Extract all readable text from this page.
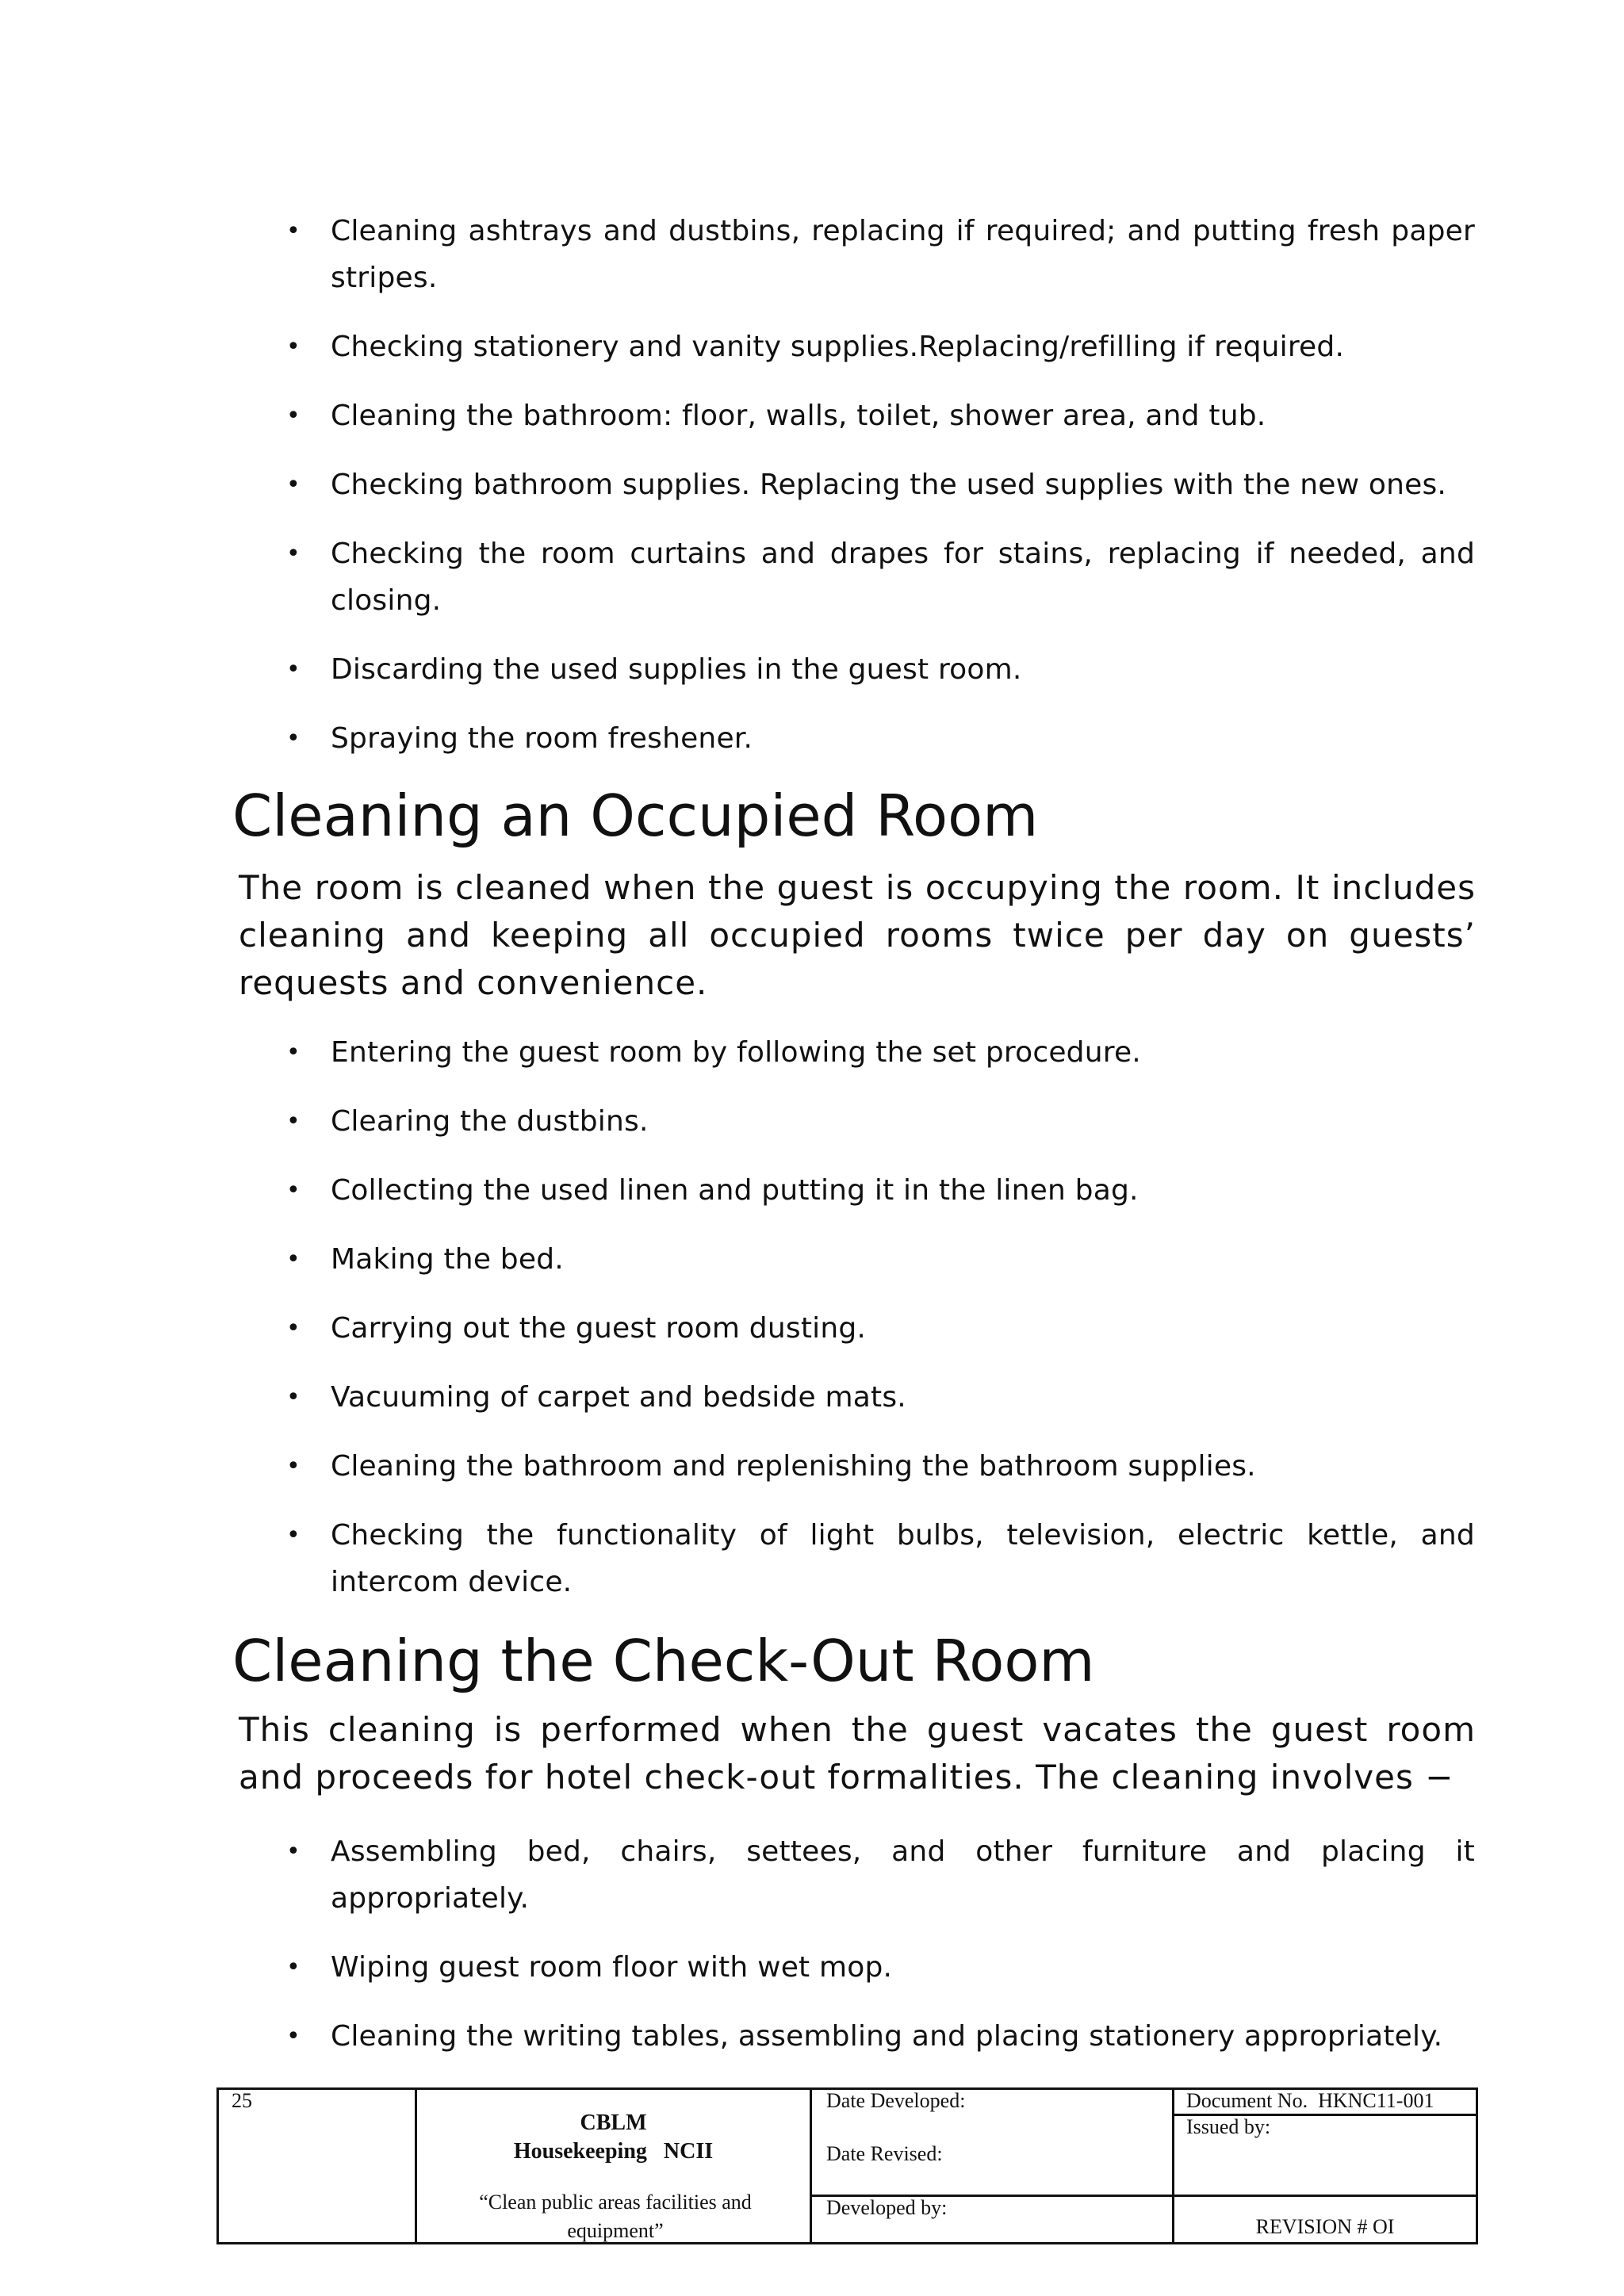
• Cleaning ashtrays and dustbins, replacing if required; and putting fresh paper stripes.
• Checking stationery and vanity supplies.Replacing/refilling if required.
• Cleaning the bathroom: floor, walls, toilet, shower area, and tub.
• Checking bathroom supplies. Replacing the used supplies with the new ones.
• Checking the room curtains and drapes for stains, replacing if needed, and closing.
• Discarding the used supplies in the guest room.
• Spraying the room freshener.
Cleaning an Occupied Room

The room is cleaned when the guest is occupying the room. It includes cleaning and keeping all occupied rooms twice per day on guests’ requests and convenience.

• Entering the guest room by following the set procedure.
• Clearing the dustbins.
• Collecting the used linen and putting it in the linen bag.
• Making the bed.
• Carrying out the guest room dusting.
• Vacuuming of carpet and bedside mats.
• Cleaning the bathroom and replenishing the bathroom supplies.
• Checking the functionality of light bulbs, television, electric kettle, and intercom device.
Cleaning the Check-Out Room

This cleaning is performed when the guest vacates the guest room and proceeds for hotel check-out formalities. The cleaning involves −

• Assembling bed, chairs, settees, and other furniture and placing it appropriately.
• Wiping guest room floor with wet mop.
• Cleaning the writing tables, assembling and placing stationery appropriately.
25
CBLM
Housekeeping   NCII
“Clean public areas facilities and equipment”
Date Developed:
Date Revised:
Developed by:
Document No.  HKNC11-001
Issued by:
REVISION # OI
